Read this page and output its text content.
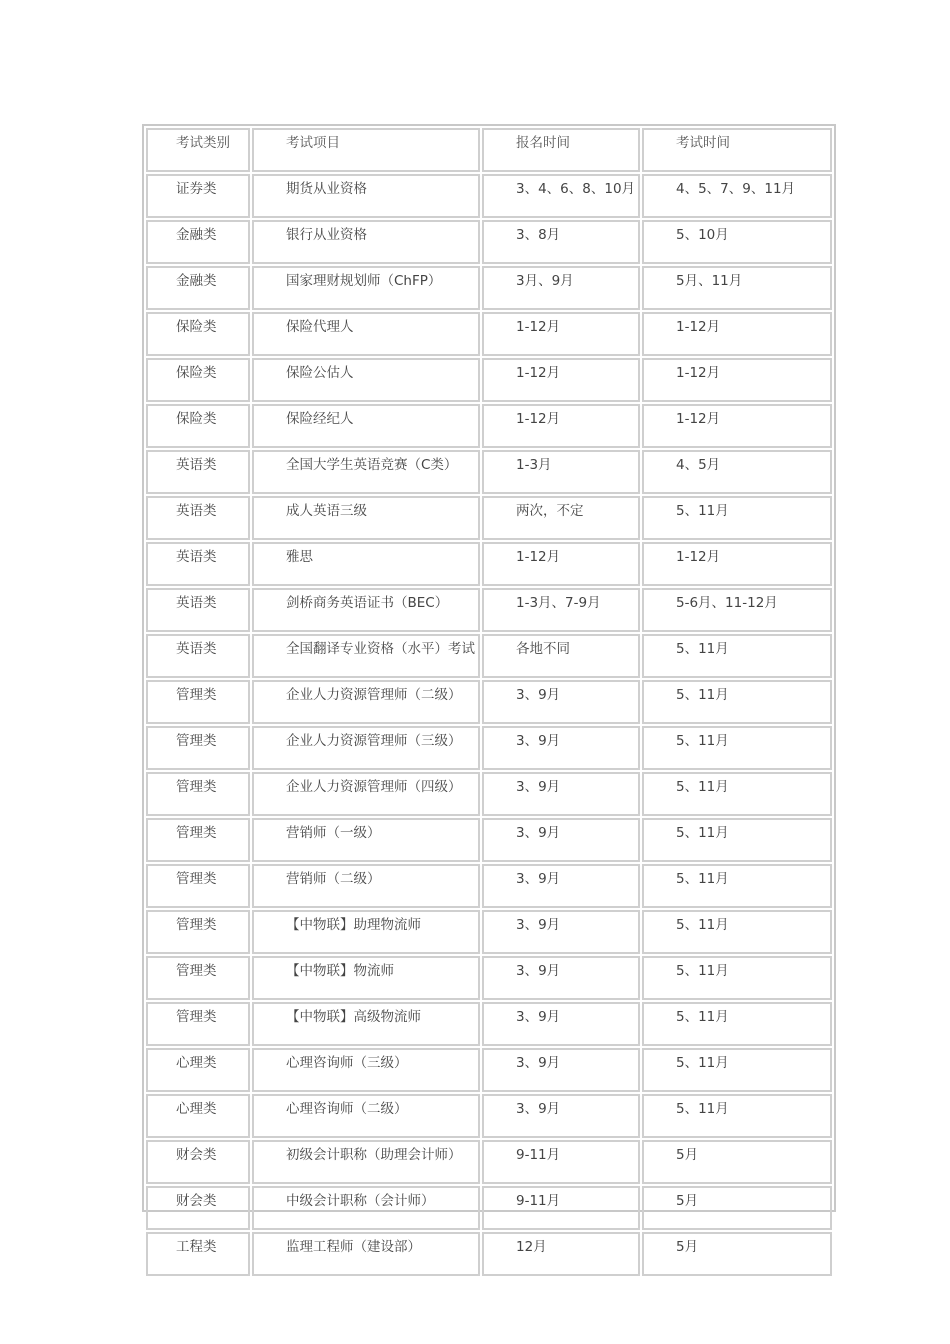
考试类别	考试项目	报名时间	考试时间
证券类	期货从业资格	3、4、6、8、10月	4、5、7、9、11月
金融类	银行从业资格	3、8月	5、10月
金融类	国家理财规划师（ChFP）	3月、9月	5月、11月
保险类	保险代理人	1-12月	1-12月
保险类	保险公估人	1-12月	1-12月
保险类	保险经纪人	1-12月	1-12月
英语类	全国大学生英语竞赛（C类）	1-3月	4、5月
英语类	成人英语三级	两次，不定	5、11月
英语类	雅思	1-12月	1-12月
英语类	剑桥商务英语证书（BEC）	1-3月、7-9月	5-6月、11-12月
英语类	全国翻译专业资格（水平）考试	各地不同	5、11月
管理类	企业人力资源管理师（二级）	3、9月	5、11月
管理类	企业人力资源管理师（三级）	3、9月	5、11月
管理类	企业人力资源管理师（四级）	3、9月	5、11月
管理类	营销师（一级）	3、9月	5、11月
管理类	营销师（二级）	3、9月	5、11月
管理类	【中物联】助理物流师	3、9月	5、11月
管理类	【中物联】物流师	3、9月	5、11月
管理类	【中物联】高级物流师	3、9月	5、11月
心理类	心理咨询师（三级）	3、9月	5、11月
心理类	心理咨询师（二级）	3、9月	5、11月
财会类	初级会计职称（助理会计师）	9-11月	5月
财会类	中级会计职称（会计师）	9-11月	5月
工程类	监理工程师（建设部）	12月	5月
